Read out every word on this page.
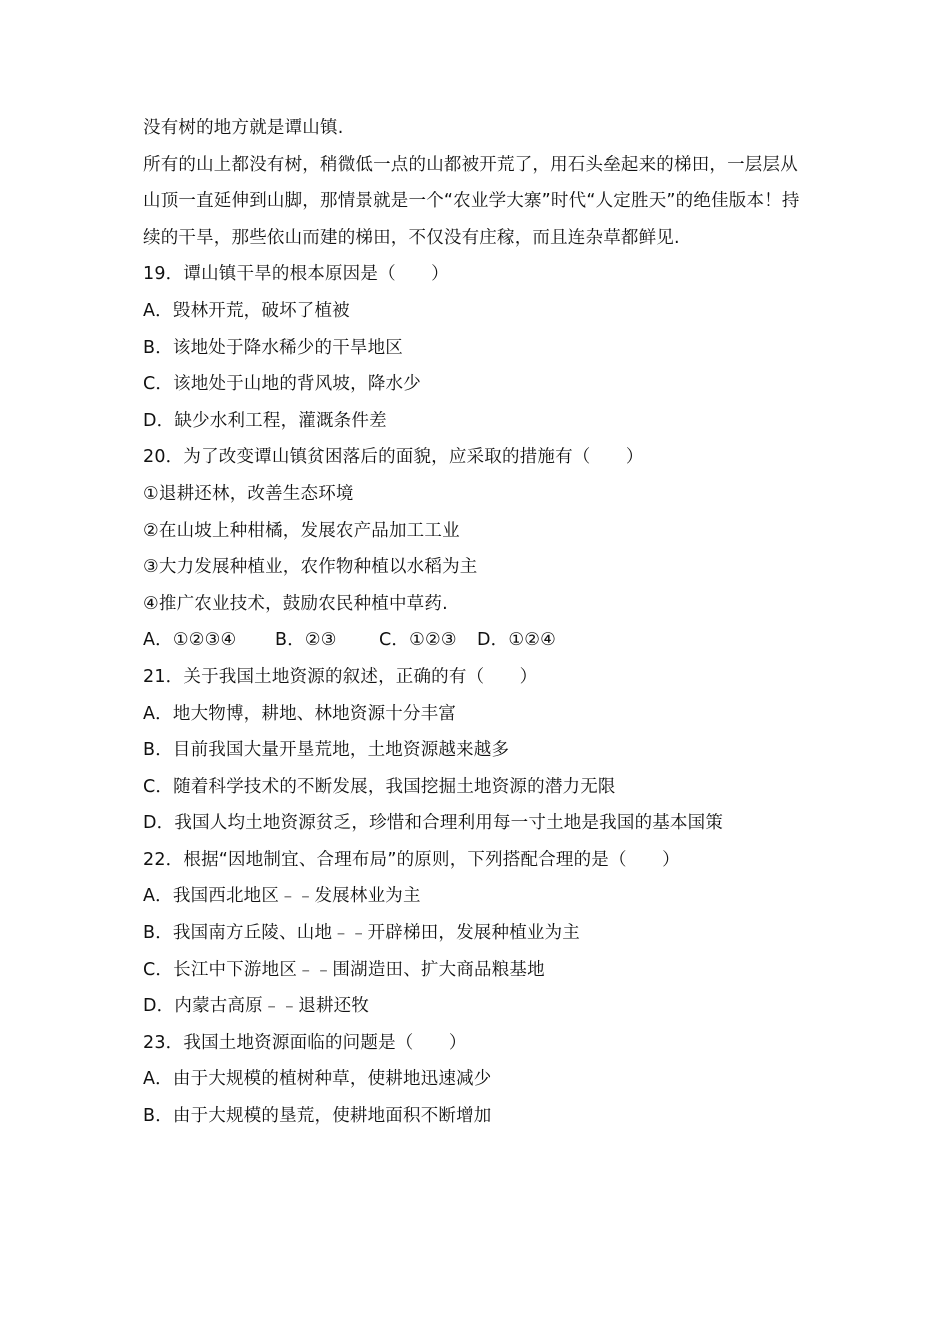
没有树的地方就是谭山镇.
所有的山上都没有树，稍微低一点的山都被开荒了，用石头垒起来的梯田，一层层从山顶一直延伸到山脚，那情景就是一个“农业学大寨”时代“人定胜天”的绝佳版本！持续的干旱，那些依山而建的梯田，不仅没有庄稼，而且连杂草都鲜见.
19．谭山镇干旱的根本原因是（　　）
A．毁林开荒，破坏了植被
B．该地处于降水稀少的干旱地区
C．该地处于山地的背风坡，降水少
D．缺少水利工程，灌溉条件差
20．为了改变谭山镇贫困落后的面貌，应采取的措施有（　　）
①退耕还林，改善生态环境
②在山坡上种柑橘，发展农产品加工工业
③大力发展种植业，农作物种植以水稻为主
④推广农业技术，鼓励农民种植中草药.
A．①②③④ B．②③ C．①②③ D．①②④
21．关于我国土地资源的叙述，正确的有（　　）
A．地大物博，耕地、林地资源十分丰富
B．目前我国大量开垦荒地，土地资源越来越多
C．随着科学技术的不断发展，我国挖掘土地资源的潜力无限
D．我国人均土地资源贫乏，珍惜和合理利用每一寸土地是我国的基本国策
22．根据“因地制宜、合理布局”的原则，下列搭配合理的是（　　）
A．我国西北地区﹣﹣发展林业为主
B．我国南方丘陵、山地﹣﹣开辟梯田，发展种植业为主
C．长江中下游地区﹣﹣围湖造田、扩大商品粮基地
D．内蒙古高原﹣﹣退耕还牧
23．我国土地资源面临的问题是（　　）
A．由于大规模的植树种草，使耕地迅速减少
B．由于大规模的垦荒，使耕地面积不断增加
